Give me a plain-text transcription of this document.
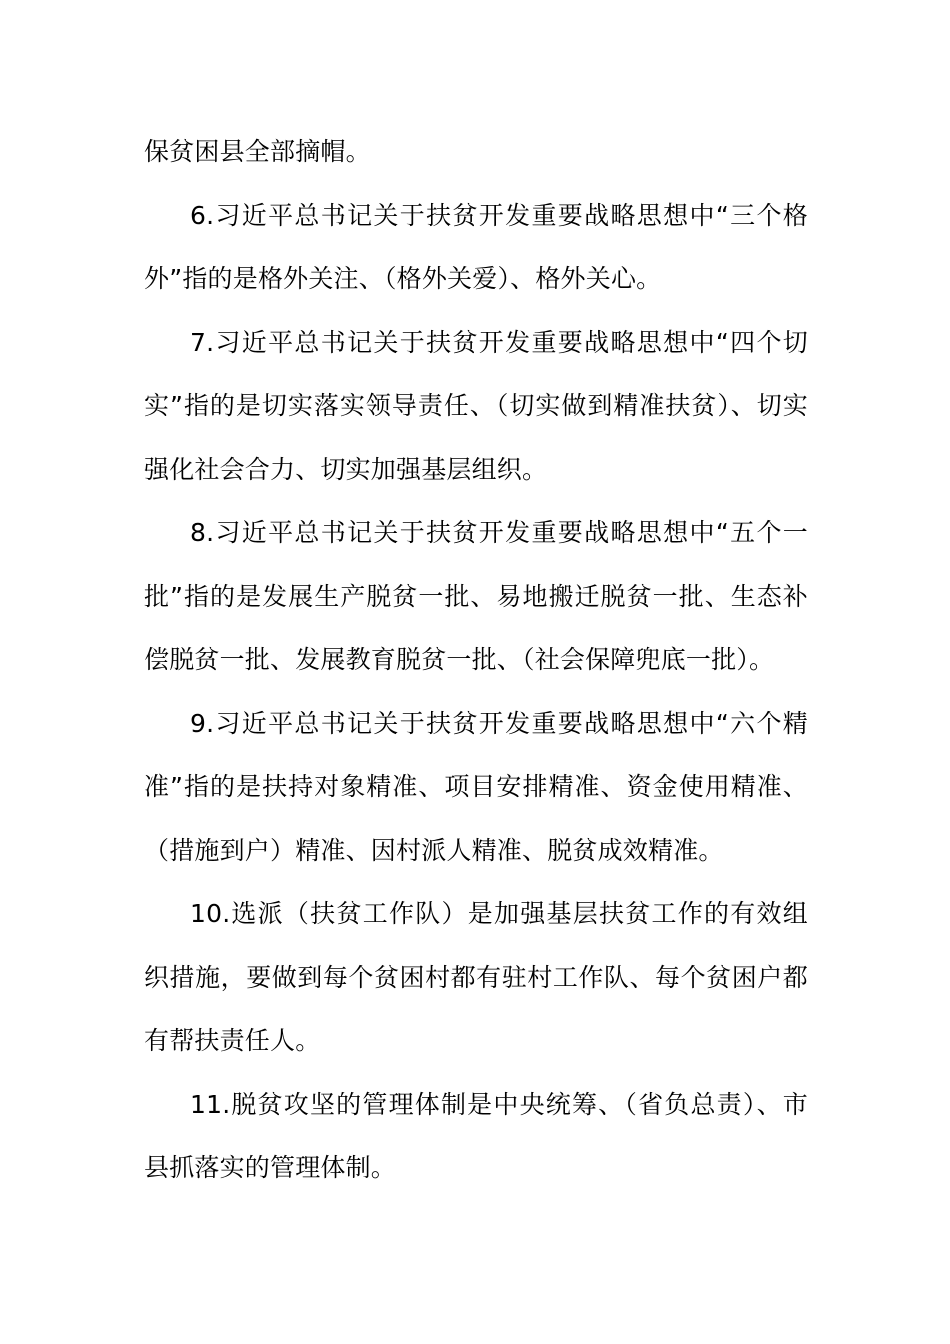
保贫困县全部摘帽。

6.习近平总书记关于扶贫开发重要战略思想中“三个格外”指的是格外关注、（格外关爱）、格外关心。

7.习近平总书记关于扶贫开发重要战略思想中“四个切实”指的是切实落实领导责任、（切实做到精准扶贫）、切实强化社会合力、切实加强基层组织。

8.习近平总书记关于扶贫开发重要战略思想中“五个一批”指的是发展生产脱贫一批、易地搬迁脱贫一批、生态补偿脱贫一批、发展教育脱贫一批、（社会保障兜底一批）。

9.习近平总书记关于扶贫开发重要战略思想中“六个精准”指的是扶持对象精准、项目安排精准、资金使用精准、（措施到户）精准、因村派人精准、脱贫成效精准。

10.选派（扶贫工作队）是加强基层扶贫工作的有效组织措施，要做到每个贫困村都有驻村工作队、每个贫困户都有帮扶责任人。

11.脱贫攻坚的管理体制是中央统筹、（省负总责）、市县抓落实的管理体制。
